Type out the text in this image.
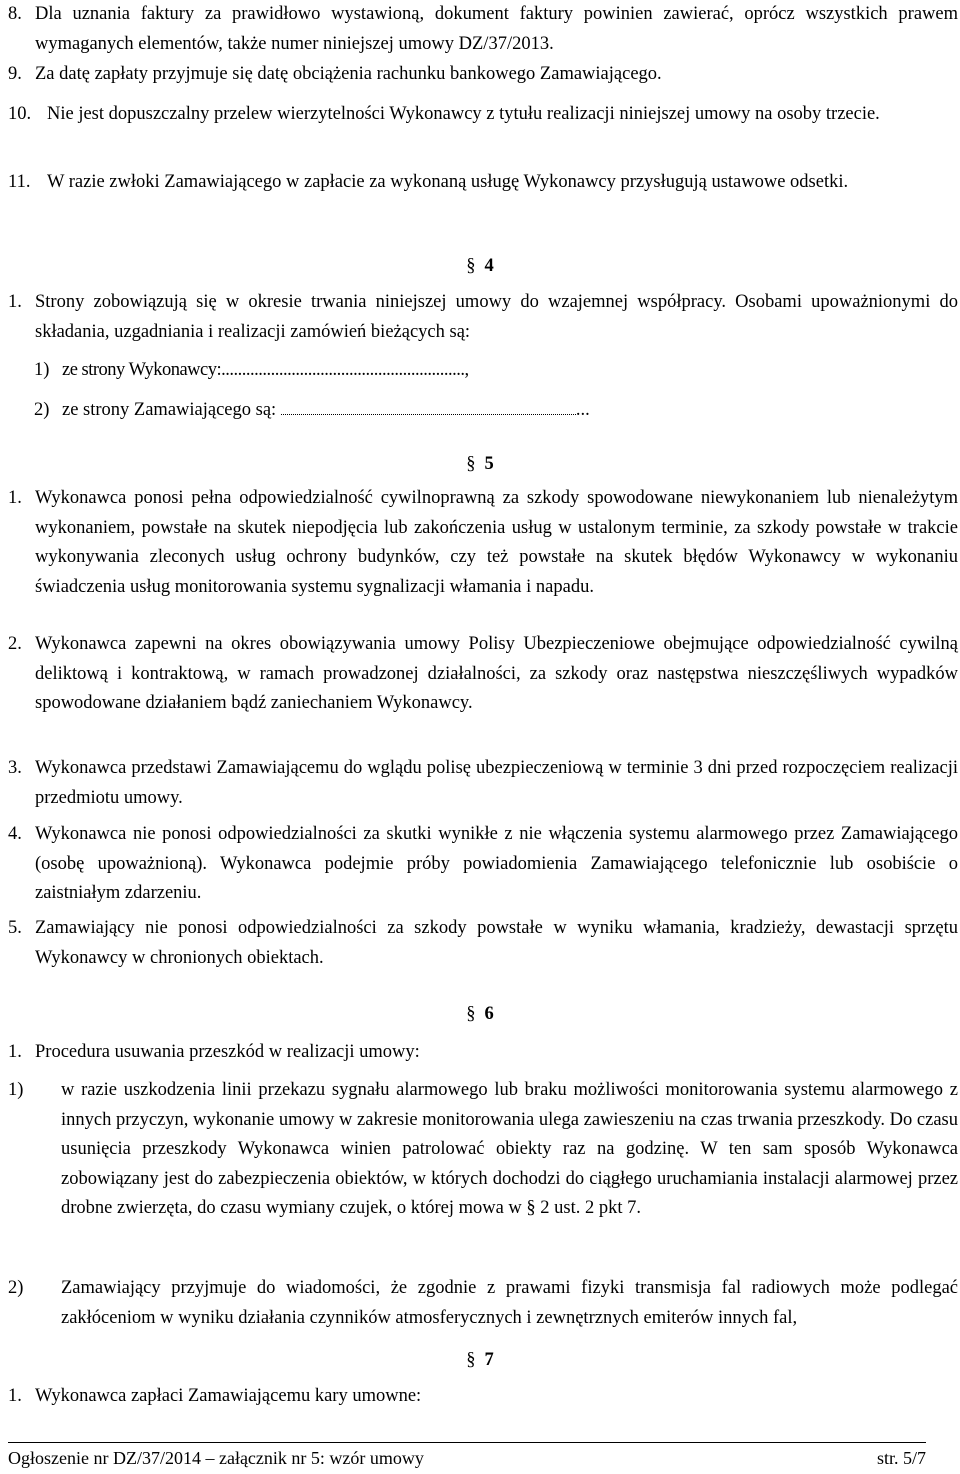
8. Dla uznania faktury za prawidłowo wystawioną, dokument faktury powinien zawierać, oprócz wszystkich prawem wymaganych elementów, także numer niniejszej umowy DZ/37/2013.
9. Za datę zapłaty przyjmuje się datę obciążenia rachunku bankowego Zamawiającego.
10. Nie jest dopuszczalny przelew wierzytelności Wykonawcy z tytułu realizacji niniejszej umowy na osoby trzecie.
11. W razie zwłoki Zamawiającego w zapłacie za wykonaną usługę Wykonawcy przysługują ustawowe odsetki.
§ 4
1. Strony zobowiązują się w okresie trwania niniejszej umowy do wzajemnej współpracy. Osobami upoważnionymi do składania, uzgadniania i realizacji zamówień bieżących są:
1) ze strony Wykonawcy:...........................................................,
2) ze strony Zamawiającego są:	...
§ 5
1. Wykonawca ponosi pełna odpowiedzialność cywilnoprawną za szkody spowodowane niewykonaniem lub nienależytym wykonaniem, powstałe na skutek niepodjęcia lub zakończenia usług w ustalonym terminie, za szkody powstałe w trakcie wykonywania zleconych usług ochrony budynków, czy też powstałe na skutek błędów Wykonawcy w wykonaniu świadczenia usług monitorowania systemu sygnalizacji włamania i napadu.
2. Wykonawca zapewni na okres obowiązywania umowy Polisy Ubezpieczeniowe obejmujące odpowiedzialność cywilną deliktową i kontraktową, w ramach prowadzonej działalności, za szkody oraz następstwa nieszczęśliwych wypadków spowodowane działaniem bądź zaniechaniem Wykonawcy.
3. Wykonawca przedstawi Zamawiającemu do wglądu polisę ubezpieczeniową w terminie 3 dni przed rozpoczęciem realizacji przedmiotu umowy.
4. Wykonawca nie ponosi odpowiedzialności za skutki wynikłe z nie włączenia systemu alarmowego przez Zamawiającego (osobę upoważnioną). Wykonawca podejmie próby powiadomienia Zamawiającego telefonicznie lub osobiście o zaistniałym zdarzeniu.
5. Zamawiający nie ponosi odpowiedzialności za szkody powstałe w wyniku włamania, kradzieży, dewastacji sprzętu Wykonawcy w chronionych obiektach.
§ 6
1. Procedura usuwania przeszkód w realizacji umowy:
1)	w razie uszkodzenia linii przekazu sygnału alarmowego lub braku możliwości monitorowania systemu alarmowego z innych przyczyn, wykonanie umowy w zakresie monitorowania ulega zawieszeniu na czas trwania przeszkody. Do czasu usunięcia przeszkody Wykonawca winien patrolować obiekty raz na godzinę. W ten sam sposób Wykonawca zobowiązany jest do zabezpieczenia obiektów, w których dochodzi do ciągłego uruchamiania instalacji alarmowej przez drobne zwierzęta, do czasu wymiany czujek, o której mowa w § 2 ust. 2 pkt 7.
2)	Zamawiający przyjmuje do wiadomości, że zgodnie z prawami fizyki transmisja fal radiowych może podlegać zakłóceniom w wyniku działania czynników atmosferycznych i zewnętrznych emiterów innych fal,
§ 7
1. Wykonawca zapłaci Zamawiającemu kary umowne:
Ogłoszenie nr DZ/37/2014 – załącznik nr 5: wzór umowy	str. 5/7
